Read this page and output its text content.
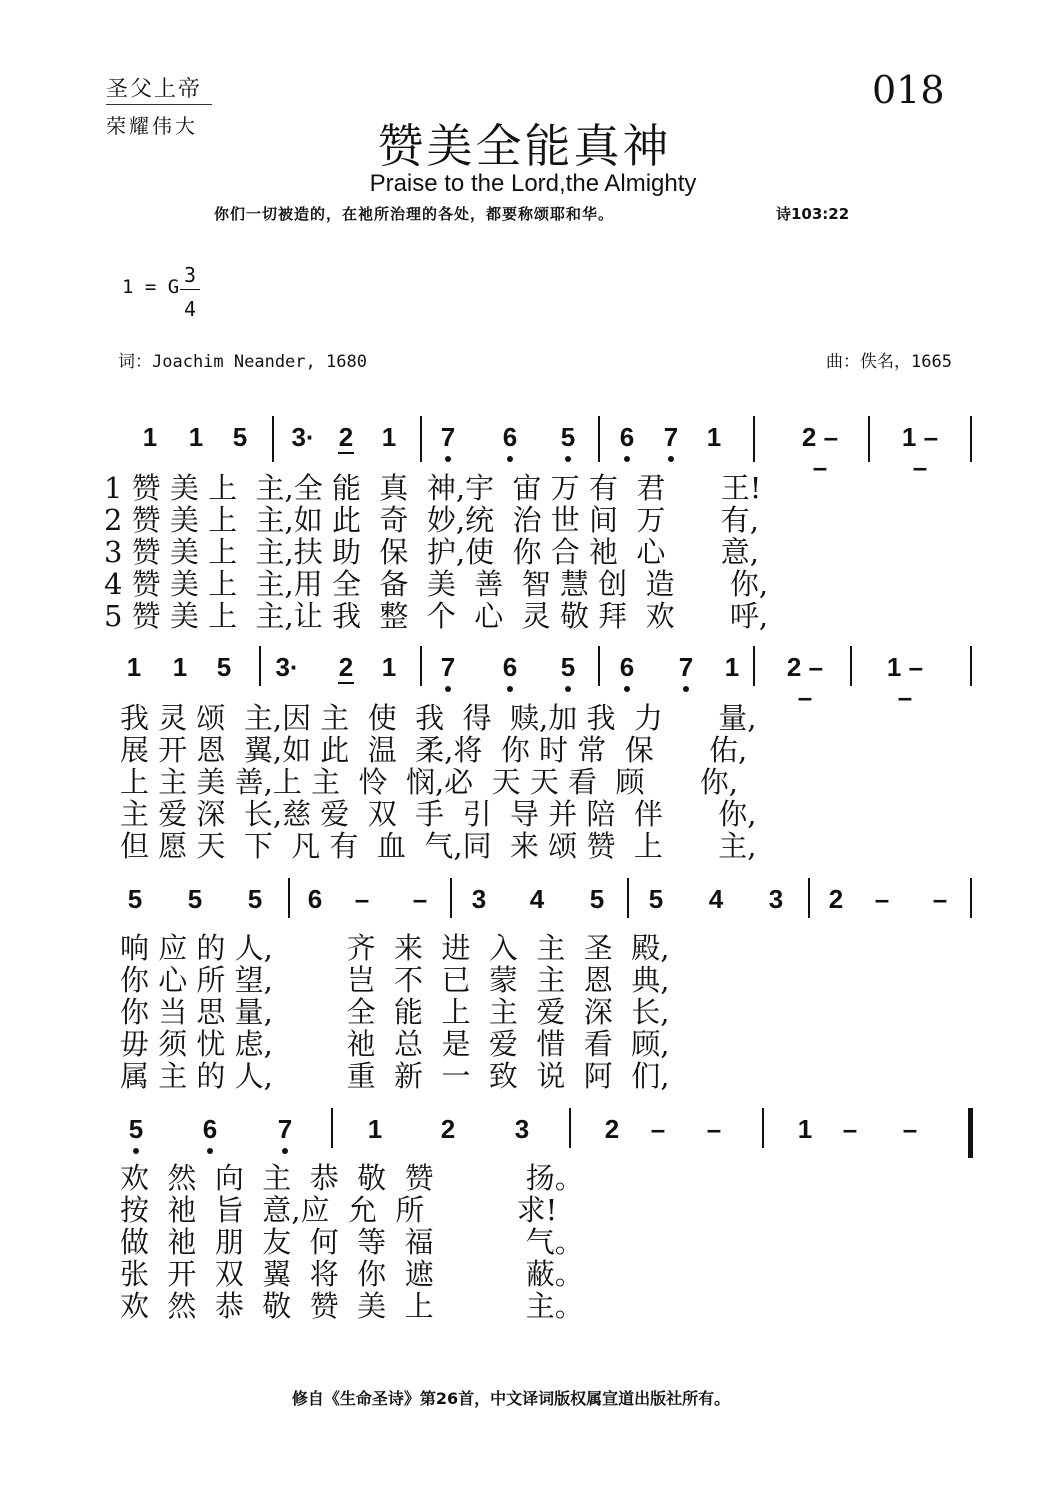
圣父上帝
荣耀伟大
018
赞美全能真神
Praise to the Lord,the Almighty
你们一切被造的，在祂所治理的各处，都要称颂耶和华。	诗103:22
1 = G 3
4
词：Joachim Neander, 1680	曲：佚名，1665
1	1	5	3· 2	1	7	6	5	6	7	1	2 – –
1 – –
1 赞 美 上  主,全 能  真  神,宇  宙 万 有  君      王!
2 赞 美 上  主,如 此  奇  妙,统  治 世 间  万      有,
3 赞 美 上  主,扶 助  保  护,使  你 合 祂  心      意,
4 赞 美 上  主,用 全  备  美  善  智 慧 创  造      你,
5 赞 美 上  主,让 我  整  个  心  灵 敬 拜  欢      呼,
1	1	5	3·	2	1	7	6	5	6	7	1	2 – –
1 – –
我 灵 颂  主,因 主  使  我  得  赎,加 我  力      量,
展 开 恩  翼,如 此  温  柔,将  你 时 常  保      佑,
上 主 美 善,上 主  怜  悯,必  天 天 看  顾      你,
主 爱 深  长,慈 爱  双  手  引  导 并 陪  伴      你,
但 愿 天  下  凡 有  血  气,同  来 颂 赞  上      主,
5	5	5	6	–	–	3	4	5	5	4	3	2	–	–
响 应 的 人,        齐  来  进  入  主  圣  殿,
你 心 所 望,        岂  不  已  蒙  主  恩  典,
你 当 思 量,        全  能  上  主  爱  深  长,
毋 须 忧 虑,        祂  总  是  爱  惜  看  顾,
属 主 的 人,        重  新  一  致  说  阿  们,
5	6	7	1	2	3	2	–	–	1	–	–
欢  然  向  主  恭  敬  赞          扬。
按  祂  旨  意,应  允  所          求!
做  祂  朋  友  何  等  福          气。
张  开  双  翼  将  你  遮          蔽。
欢  然  恭  敬  赞  美  上          主。
修自《生命圣诗》第26首，中文译词版权属宣道出版社所有。
